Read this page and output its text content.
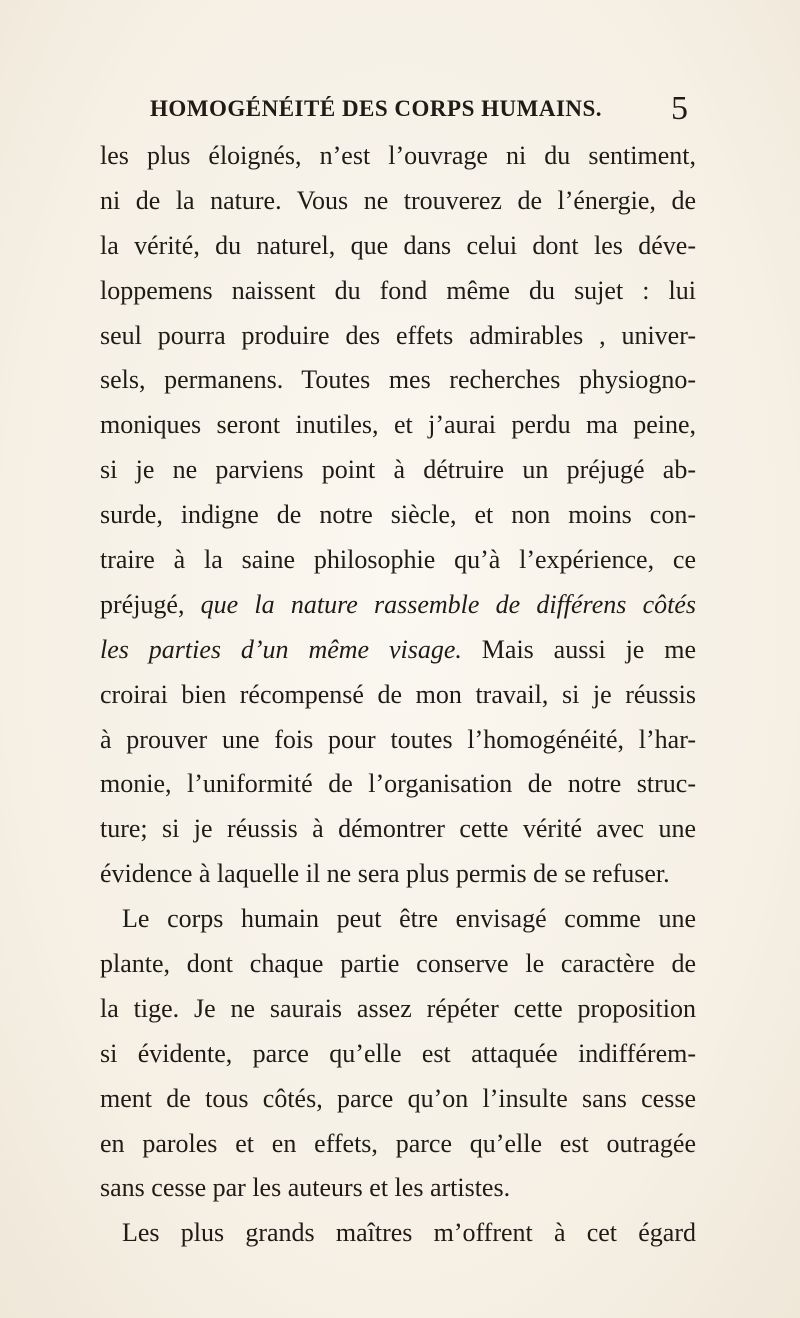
HOMOGÉNÉITÉ DES CORPS HUMAINS. 5
les plus éloignés, n’est l’ouvrage ni du sentiment,
ni de la nature. Vous ne trouverez de l’énergie, de
la vérité, du naturel, que dans celui dont les déve-
loppemens naissent du fond même du sujet : lui
seul pourra produire des effets admirables , univer-
sels, permanens. Toutes mes recherches physiogno-
moniques seront inutiles, et j’aurai perdu ma peine,
si je ne parviens point à détruire un préjugé ab-
surde, indigne de notre siècle, et non moins con-
traire à la saine philosophie qu’à l’expérience, ce
préjugé, que la nature rassemble de différens côtés
les parties d’un même visage. Mais aussi je me
croirai bien récompensé de mon travail, si je réussis
à prouver une fois pour toutes l’homogénéité, l’har-
monie, l’uniformité de l’organisation de notre struc-
ture; si je réussis à démontrer cette vérité avec une
évidence à laquelle il ne sera plus permis de se refuser.
Le corps humain peut être envisagé comme une
plante, dont chaque partie conserve le caractère de
la tige. Je ne saurais assez répéter cette proposition
si évidente, parce qu’elle est attaquée indifférem-
ment de tous côtés, parce qu’on l’insulte sans cesse
en paroles et en effets, parce qu’elle est outragée
sans cesse par les auteurs et les artistes.
Les plus grands maîtres m’offrent à cet égard
